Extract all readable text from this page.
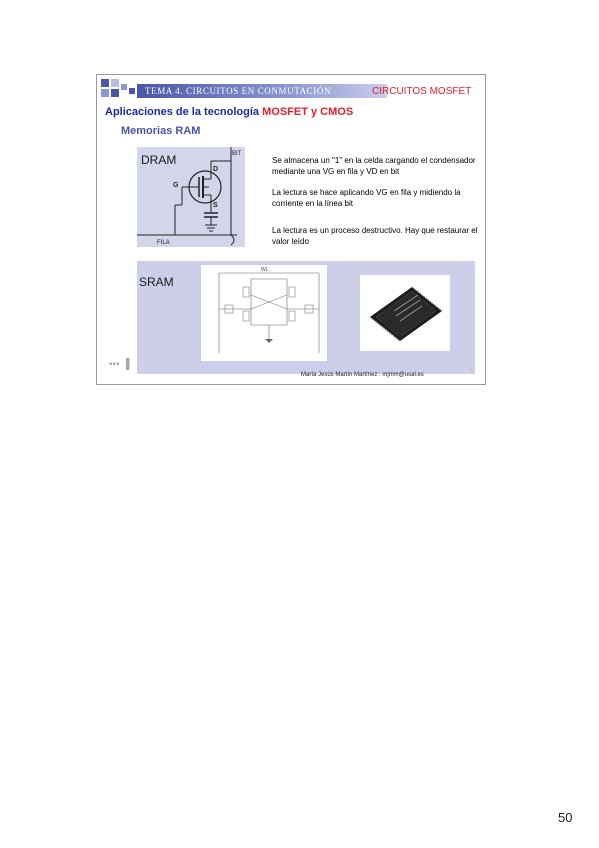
TEMA 4. CIRCUITOS EN CONMUTACIÓN	CIRCUITOS MOSFET
Aplicaciones de la tecnología MOSFET y CMOS
Memorias RAM
DRAM	BIT
D
G
S
FILA
Se almacena un "1" en la celda cargando el condensador mediante una VG en fila y VD en bit
La lectura se hace aplicando VG en fila y midiendo la corriente en la línea bit
La lectura es un proceso destructivo. Hay que restaurar el valor leído
SRAM
WL
▪▪▪ ▐
◔
María Jesús Martín Martínez : mjmm@usal.es
50
